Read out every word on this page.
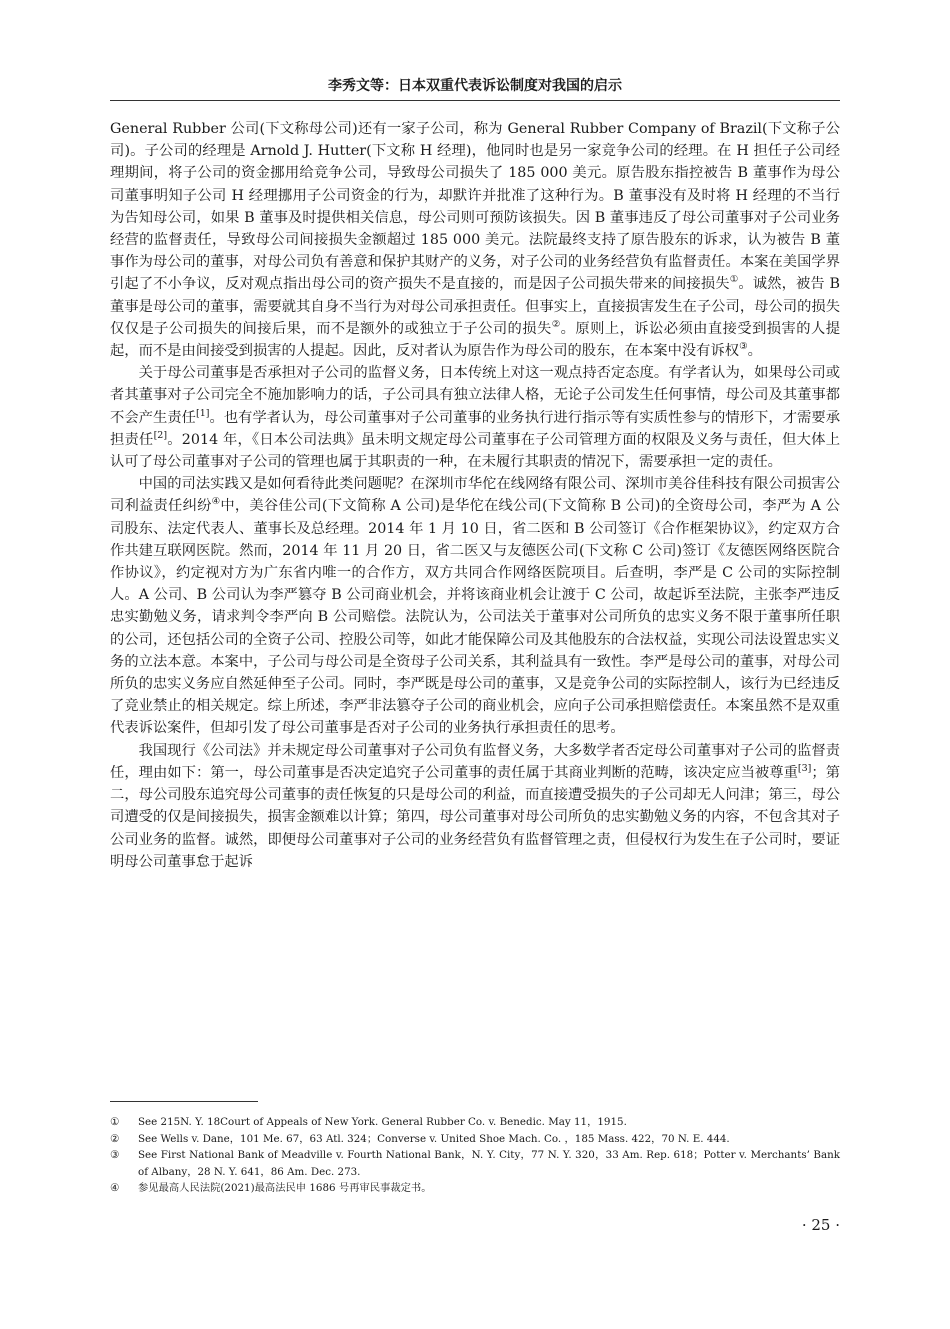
李秀文等：日本双重代表诉讼制度对我国的启示

General Rubber 公司(下文称母公司)还有一家子公司，称为 General Rubber Company of Brazil(下文称子公司)。子公司的经理是 Arnold J. Hutter(下文称 H 经理)，他同时也是另一家竞争公司的经理。在 H 担任子公司经理期间，将子公司的资金挪用给竞争公司，导致母公司损失了 185 000 美元。原告股东指控被告 B 董事作为母公司董事明知子公司 H 经理挪用子公司资金的行为，却默许并批准了这种行为。B 董事没有及时将 H 经理的不当行为告知母公司，如果 B 董事及时提供相关信息，母公司则可预防该损失。因 B 董事违反了母公司董事对子公司业务经营的监督责任，导致母公司间接损失金额超过 185 000 美元。法院最终支持了原告股东的诉求，认为被告 B 董事作为母公司的董事，对母公司负有善意和保护其财产的义务，对子公司的业务经营负有监督责任。本案在美国学界引起了不小争议，反对观点指出母公司的资产损失不是直接的，而是因子公司损失带来的间接损失①。诚然，被告 B 董事是母公司的董事，需要就其自身不当行为对母公司承担责任。但事实上，直接损害发生在子公司，母公司的损失仅仅是子公司损失的间接后果，而不是额外的或独立于子公司的损失②。原则上，诉讼必须由直接受到损害的人提起，而不是由间接受到损害的人提起。因此，反对者认为原告作为母公司的股东，在本案中没有诉权③。

关于母公司董事是否承担对子公司的监督义务，日本传统上对这一观点持否定态度。有学者认为，如果母公司或者其董事对子公司完全不施加影响力的话，子公司具有独立法律人格，无论子公司发生任何事情，母公司及其董事都不会产生责任[1]。也有学者认为，母公司董事对子公司董事的业务执行进行指示等有实质性参与的情形下，才需要承担责任[2]。2014 年，《日本公司法典》虽未明文规定母公司董事在子公司管理方面的权限及义务与责任，但大体上认可了母公司董事对子公司的管理也属于其职责的一种，在未履行其职责的情况下，需要承担一定的责任。

中国的司法实践又是如何看待此类问题呢？在深圳市华佗在线网络有限公司、深圳市美谷佳科技有限公司损害公司利益责任纠纷④中，美谷佳公司(下文简称 A 公司)是华佗在线公司(下文简称 B 公司)的全资母公司，李严为 A 公司股东、法定代表人、董事长及总经理。2014 年 1 月 10 日，省二医和 B 公司签订《合作框架协议》，约定双方合作共建互联网医院。然而，2014 年 11 月 20 日，省二医又与友德医公司(下文称 C 公司)签订《友德医网络医院合作协议》，约定视对方为广东省内唯一的合作方，双方共同合作网络医院项目。后查明，李严是 C 公司的实际控制人。A 公司、B 公司认为李严篡夺 B 公司商业机会，并将该商业机会让渡于 C 公司，故起诉至法院，主张李严违反忠实勤勉义务，请求判令李严向 B 公司赔偿。法院认为，公司法关于董事对公司所负的忠实义务不限于董事所任职的公司，还包括公司的全资子公司、控股公司等，如此才能保障公司及其他股东的合法权益，实现公司法设置忠实义务的立法本意。本案中，子公司与母公司是全资母子公司关系，其利益具有一致性。李严是母公司的董事，对母公司所负的忠实义务应自然延伸至子公司。同时，李严既是母公司的董事，又是竞争公司的实际控制人，该行为已经违反了竞业禁止的相关规定。综上所述，李严非法篡夺子公司的商业机会，应向子公司承担赔偿责任。本案虽然不是双重代表诉讼案件，但却引发了母公司董事是否对子公司的业务执行承担责任的思考。

我国现行《公司法》并未规定母公司董事对子公司负有监督义务，大多数学者否定母公司董事对子公司的监督责任，理由如下：第一，母公司董事是否决定追究子公司董事的责任属于其商业判断的范畴，该决定应当被尊重[3]；第二，母公司股东追究母公司董事的责任恢复的只是母公司的利益，而直接遭受损失的子公司却无人问津；第三，母公司遭受的仅是间接损失，损害金额难以计算；第四，母公司董事对母公司所负的忠实勤勉义务的内容，不包含其对子公司业务的监督。诚然，即便母公司董事对子公司的业务经营负有监督管理之责，但侵权行为发生在子公司时，要证明母公司董事怠于起诉

①	See 215N. Y. 18Court of Appeals of New York. General Rubber Co. v. Benedic. May 11，1915.
②	See Wells v. Dane，101 Me. 67，63 Atl. 324；Converse v. United Shoe Mach. Co. ，185 Mass. 422，70 N. E. 444.
③	See First National Bank of Meadville v. Fourth National Bank，N. Y. City，77 N. Y. 320，33 Am. Rep. 618；Potter v. Merchants’ Bank of Albany，28 N. Y. 641，86 Am. Dec. 273.
④	参见最高人民法院(2021)最高法民申 1686 号再审民事裁定书。
· 25 ·
